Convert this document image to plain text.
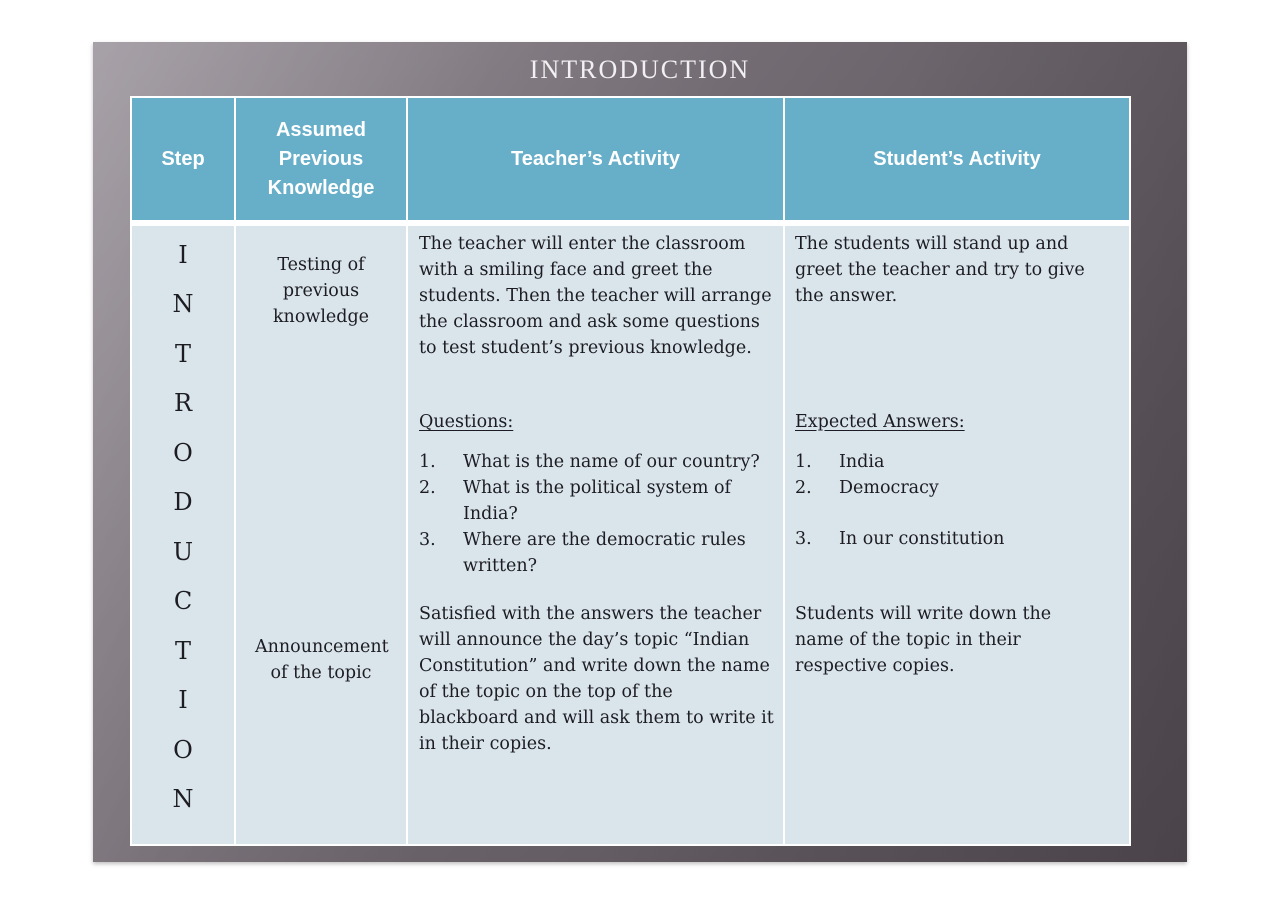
INTRODUCTION
Step
Assumed Previous Knowledge
Teacher’s Activity	Student’s Activity
I
N
T
R
O
D
U
C
T
I
O
N
Testing of previous knowledge
Announcement of the topic
The teacher will enter the classroom with a smiling face and greet the students. Then the teacher will arrange the classroom and ask some questions to test student’s previous knowledge.
Questions:
What is the name of our country?
What is the political system of India?
Where are the democratic rules written?
Satisfied with the answers the teacher will announce the day’s topic “Indian Constitution” and write down the name of the topic on the top of the blackboard and will ask them to write it in their copies.
The students will stand up and greet the teacher and try to give the answer.
Expected Answers:
India
Democracy
In our constitution
Students will write down the name of the topic in their respective copies.
